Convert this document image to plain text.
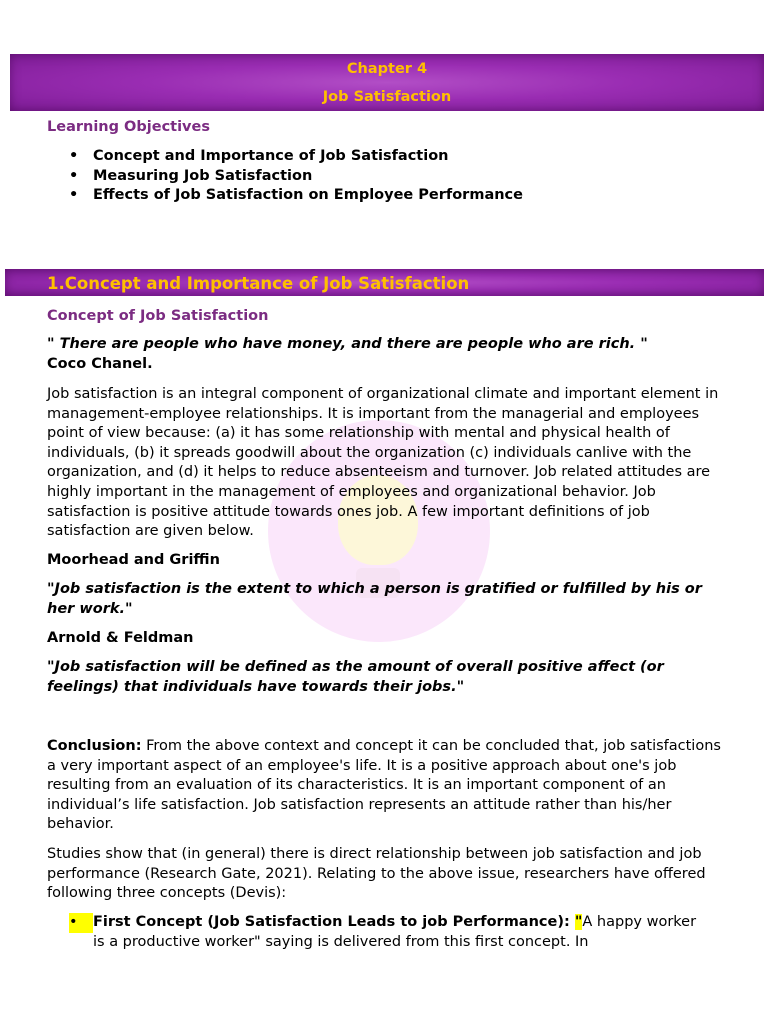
Chapter 4
Job Satisfaction
1.Concept and Importance of Job Satisfaction
Learning Objectives
• Concept and Importance of Job Satisfaction
• Measuring Job Satisfaction
• Effects of Job Satisfaction on Employee Performance
Concept of Job Satisfaction
" There are people who have money, and there are people who are rich. "
Coco Chanel.
Job satisfaction is an integral component of organizational climate and important element in management-employee relationships. It is important from the managerial and employees point of view because: (a) it has some relationship with mental and physical health of individuals, (b) it spreads goodwill about the organization (c) individuals canlive with the organization, and (d) it helps to reduce absenteeism and turnover. Job related attitudes are highly important in the management of employees and organizational behavior. Job satisfaction is positive attitude towards ones job. A few important definitions of job satisfaction are given below.
Moorhead and Griffin
"Job satisfaction is the extent to which a person is gratified or fulfilled by his or her work."
Arnold & Feldman
"Job satisfaction will be defined as the amount of overall positive affect (or feelings) that individuals have towards their jobs."
Conclusion: From the above context and concept it can be concluded that, job satisfactions a very important aspect of an employee's life. It is a positive approach about one's job resulting from an evaluation of its characteristics. It is an important component of an individual’s life satisfaction. Job satisfaction represents an attitude rather than his/her behavior.
Studies show that (in general) there is direct relationship between job satisfaction and job performance (Research Gate, 2021). Relating to the above issue, researchers have offered following three concepts (Devis):
•	First Concept (Job Satisfaction Leads to job Performance): "A happy worker is a productive worker" saying is delivered from this first concept. In
